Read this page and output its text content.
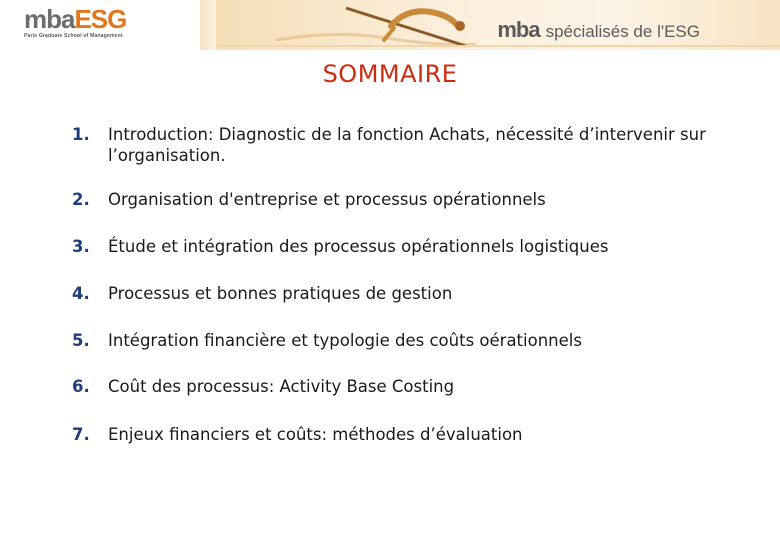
mbaESG
Paris Graduate School of Management	mba spécialisés de l'ESG
SOMMAIRE
1. Introduction: Diagnostic de la fonction Achats, nécessité d’intervenir sur l’organisation.
2. Organisation d'entreprise et processus opérationnels
3. Étude et intégration des processus opérationnels logistiques
4. Processus et bonnes pratiques de gestion
5. Intégration financière et typologie des coûts oérationnels
6. Coût des processus: Activity Base Costing
7. Enjeux financiers et coûts: méthodes d’évaluation
